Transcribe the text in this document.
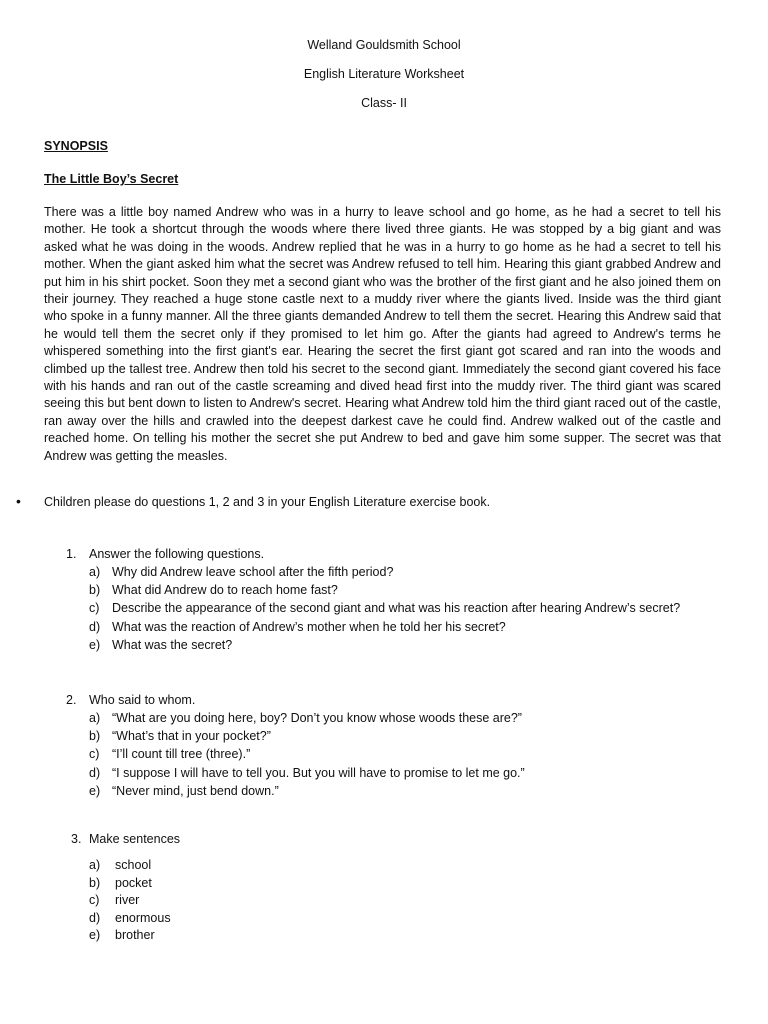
Welland Gouldsmith School
English Literature Worksheet
Class- II
SYNOPSIS
The Little Boy’s Secret

There was a little boy named Andrew who was in a hurry to leave school and go home, as he had a secret to tell his mother. He took a shortcut through the woods where there lived three giants. He was stopped by a big giant and was asked what he was doing in the woods. Andrew replied that he was in a hurry to go home as he had a secret to tell his mother. When the giant asked him what the secret was Andrew refused to tell him. Hearing this giant grabbed Andrew and put him in his shirt pocket. Soon they met a second giant who was the brother of the first giant and he also joined them on their journey. They reached a huge stone castle next to a muddy river where the giants lived. Inside was the third giant who spoke in a funny manner. All the three giants demanded Andrew to tell them the secret. Hearing this Andrew said that he would tell them the secret only if they promised to let him go. After the giants had agreed to Andrew's terms he whispered something into the first giant's ear. Hearing the secret the first giant got scared and ran into the woods and climbed up the tallest tree. Andrew then told his secret to the second giant. Immediately the second giant covered his face with his hands and ran out of the castle screaming and dived head first into the muddy river. The third giant was scared seeing this but bent down to listen to Andrew's secret. Hearing what Andrew told him the third giant raced out of the castle, ran away over the hills and crawled into the deepest darkest cave he could find. Andrew walked out of the castle and reached home. On telling his mother the secret she put Andrew to bed and gave him some supper. The secret was that Andrew was getting the measles.

• Children please do questions 1, 2 and 3 in your English Literature exercise book.
1. Answer the following questions.
a) Why did Andrew leave school after the fifth period?
b) What did Andrew do to reach home fast?
c) Describe the appearance of the second giant and what was his reaction after hearing Andrew’s secret?
d) What was the reaction of Andrew’s mother when he told her his secret?
e) What was the secret?
2. Who said to whom.
a) “What are you doing here, boy? Don’t you know whose woods these are?”
b) “What’s that in your pocket?”
c) “I’ll count till tree (three).”
d) “I suppose I will have to tell you. But you will have to promise to let me go.”
e) “Never mind, just bend down.”
3. Make sentences
a) school
b) pocket
c) river
d) enormous
e) brother
